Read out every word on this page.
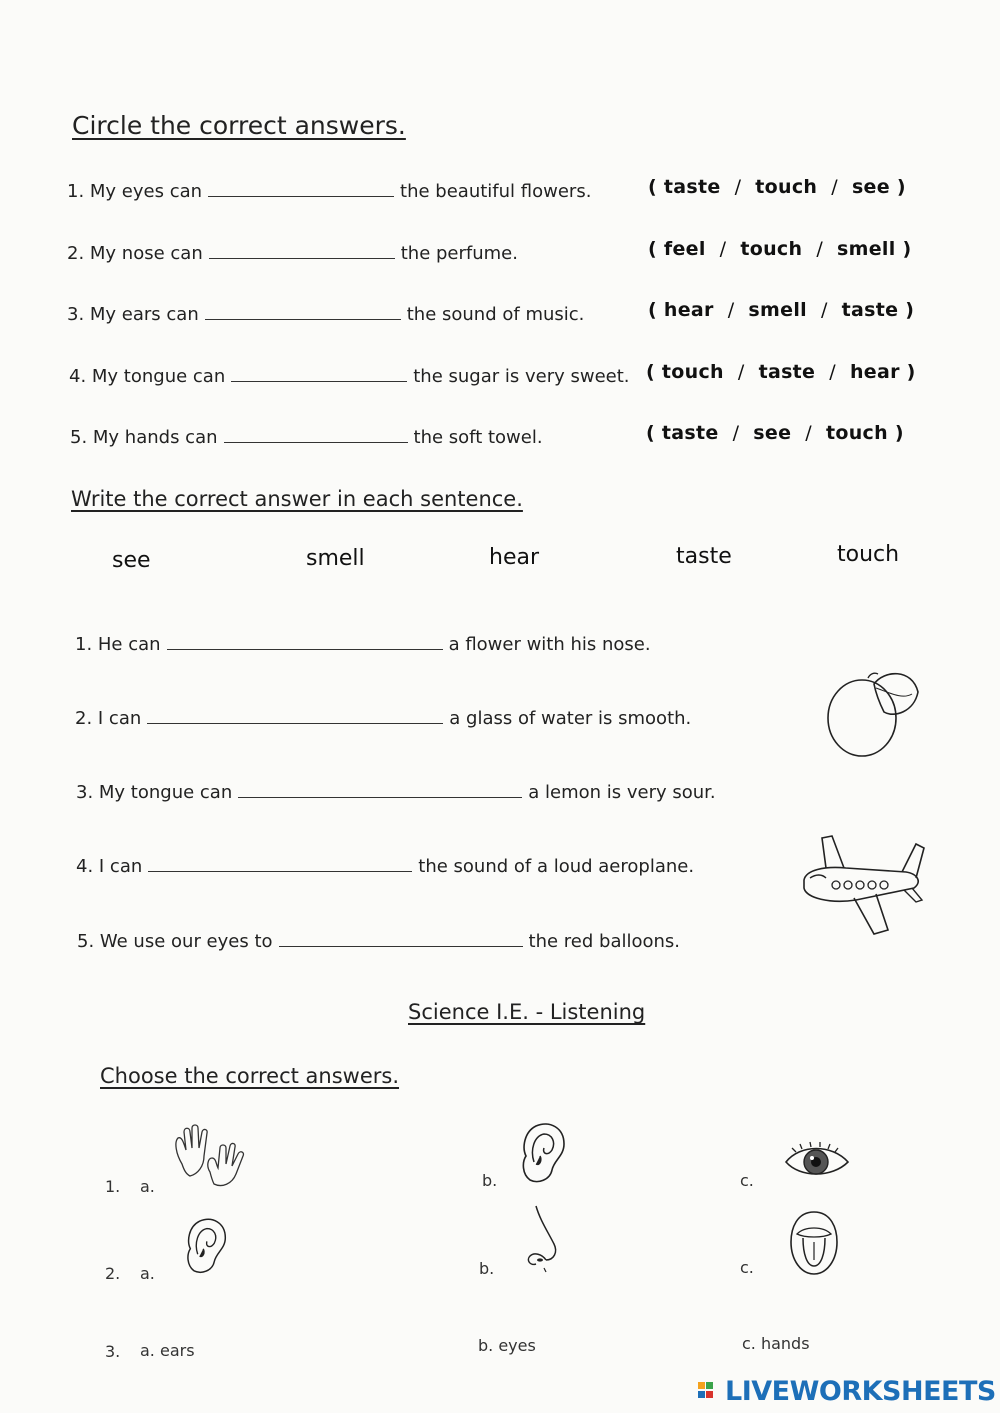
Circle the correct answers.
1. My eyes can	the beautiful flowers.	( taste / touch / see )
2. My nose can	the perfume.	( feel / touch / smell )
3. My ears can	the sound of music.	( hear / smell / taste )
4. My tongue can	the sugar is very sweet. ( touch / taste / hear )
5. My hands can	the soft towel.	( taste / see / touch )
Write the correct answer in each sentence.
see	smell	hear	taste	touch
1. He can	a flower with his nose.
2. I can	a glass of water is smooth.
3. My tongue can	a lemon is very sour.
4. I can	the sound of a loud aeroplane.
5. We use our eyes to	the red balloons.
Science I.E. - Listening
Choose the correct answers.
1. a.	b.	c.
2. a.	b.	c.
3. a. ears	b. eyes	c. hands
LIVEWORKSHEETS
